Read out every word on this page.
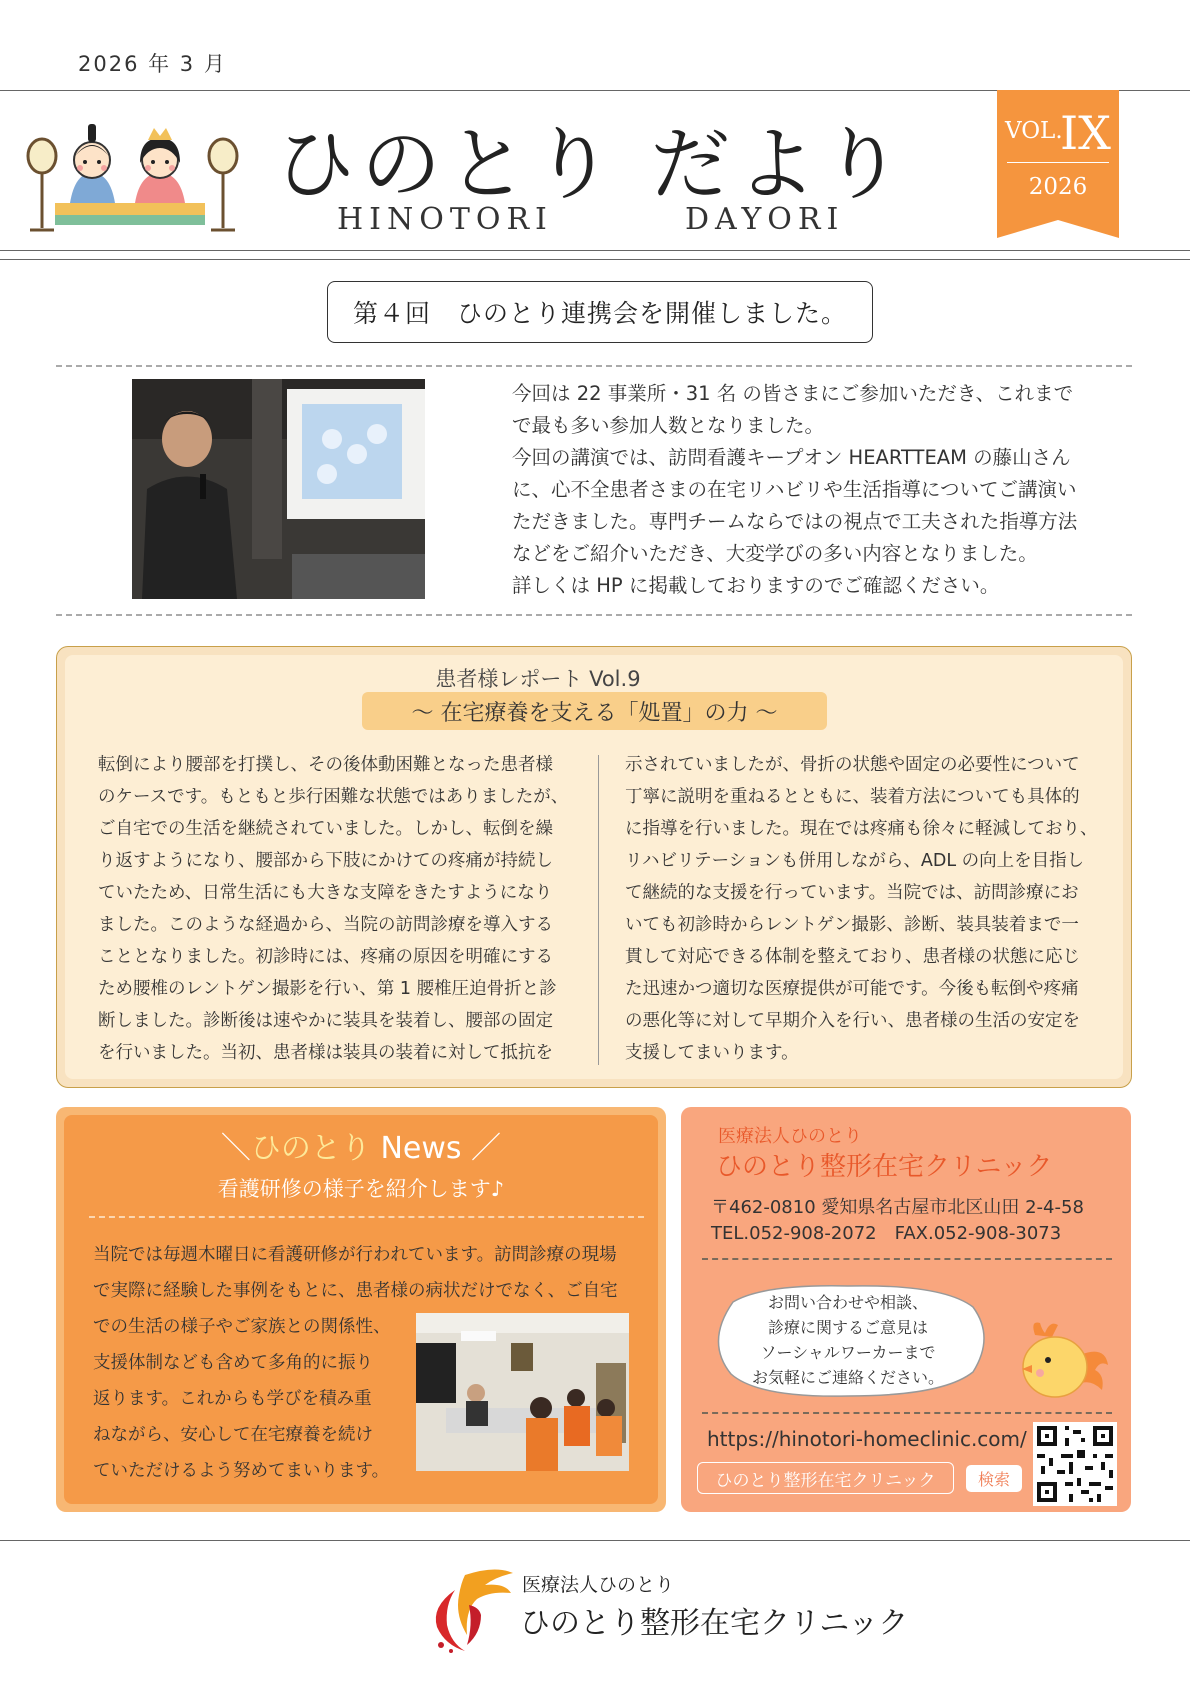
2026 年 3 月
ひのとり だより
HINOTORI	DAYORI
VOL.
IX
2026
第４回　ひのとり連携会を開催しました。
今回は 22 事業所・31 名 の皆さまにご参加いただき、これまで
で最も多い参加人数となりました。
今回の講演では、訪問看護キープオン HEARTTEAM の藤山さん
に、心不全患者さまの在宅リハビリや生活指導についてご講演い
ただきました。専門チームならではの視点で工夫された指導方法
などをご紹介いただき、大変学びの多い内容となりました。
詳しくは HP に掲載しておりますのでご確認ください。
患者様レポート Vol.9
～ 在宅療養を支える「処置」の力 ～
転倒により腰部を打撲し、その後体動困難となった患者様
のケースです。もともと歩行困難な状態ではありましたが、
ご自宅での生活を継続されていました。しかし、転倒を繰
り返すようになり、腰部から下肢にかけての疼痛が持続し
ていたため、日常生活にも大きな支障をきたすようになり
ました。このような経過から、当院の訪問診療を導入する
こととなりました。初診時には、疼痛の原因を明確にする
ため腰椎のレントゲン撮影を行い、第 1 腰椎圧迫骨折と診
断しました。診断後は速やかに装具を装着し、腰部の固定
を行いました。当初、患者様は装具の装着に対して抵抗を
示されていましたが、骨折の状態や固定の必要性について
丁寧に説明を重ねるとともに、装着方法についても具体的
に指導を行いました。現在では疼痛も徐々に軽減しており、
リハビリテーションも併用しながら、ADL の向上を目指し
て継続的な支援を行っています。当院では、訪問診療にお
いても初診時からレントゲン撮影、診断、装具装着まで一
貫して対応できる体制を整えており、患者様の状態に応じ
た迅速かつ適切な医療提供が可能です。今後も転倒や疼痛
の悪化等に対して早期介入を行い、患者様の生活の安定を
支援してまいります。
＼ひのとり News ／
看護研修の様子を紹介します♪
当院では毎週木曜日に看護研修が行われています。訪問診療の現場
で実際に経験した事例をもとに、患者様の病状だけでなく、ご自宅
での生活の様子やご家族との関係性、
支援体制なども含めて多角的に振り
返ります。これからも学びを積み重
ねながら、安心して在宅療養を続け
ていただけるよう努めてまいります。
医療法人ひのとり
ひのとり整形在宅クリニック
〒462-0810 愛知県名古屋市北区山田 2-4-58
TEL.052-908-2072　FAX.052-908-3073
お問い合わせや相談、
診療に関するご意見は
ソーシャルワーカーまで
お気軽にご連絡ください。
https://hinotori-homeclinic.com/
ひのとり整形在宅クリニック	検索
医療法人ひのとり
ひのとり整形在宅クリニック
